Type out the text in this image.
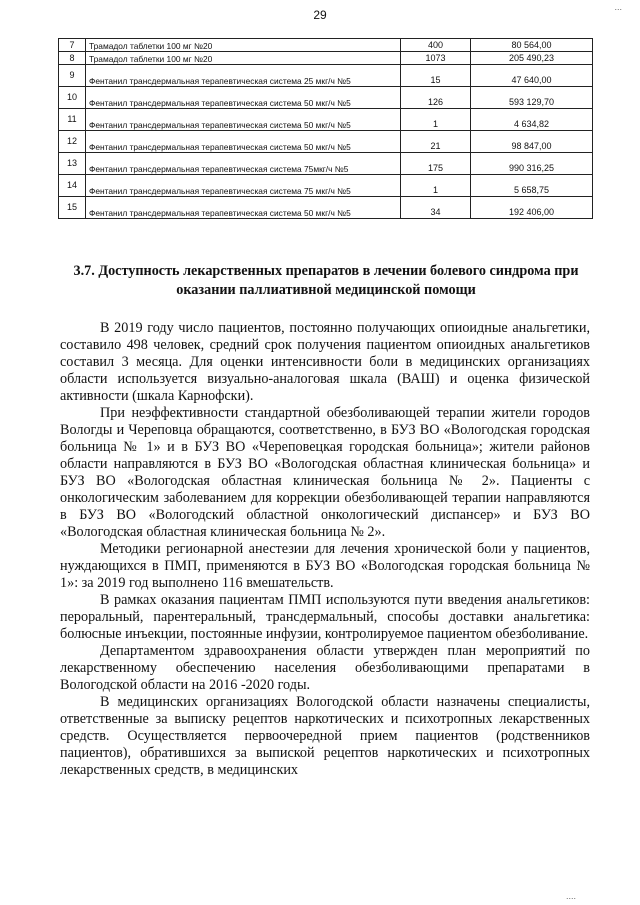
...
29
7	Трамадол таблетки 100 мг №20	400	80 564,00
8	Трамадол таблетки 100 мг №20	1073	205 490,23
9	Фентанил трансдермальная терапевтическая система 25 мкг/ч №5	15	47 640,00
10	Фентанил трансдермальная терапевтическая система 50 мкг/ч №5	126	593 129,70
11	Фентанил трансдермальная терапевтическая система 50 мкг/ч №5	1	4 634,82
12	Фентанил трансдермальная терапевтическая система 50 мкг/ч №5	21	98 847,00
13	Фентанил трансдермальная терапевтическая система 75мкг/ч №5	175	990 316,25
14	Фентанил трансдермальная терапевтическая система 75 мкг/ч №5	1	5 658,75
15	Фентанил трансдермальная терапевтическая система 50 мкг/ч №5	34	192 406,00
3.7. Доступность лекарственных препаратов в лечении болевого синдрома при оказании паллиативной медицинской помощи

В 2019 году число пациентов, постоянно получающих опиоидные анальгетики, составило 498 человек, средний срок получения пациентом опиоидных анальгетиков составил 3 месяца. Для оценки интенсивности боли в медицинских организациях области используется визуально-аналоговая шкала (ВАШ) и оценка физической активности (шкала Карнофски).

При неэффективности стандартной обезболивающей терапии жители городов Вологды и Череповца обращаются, соответственно, в БУЗ ВО «Вологодская городская больница № 1» и в БУЗ ВО «Череповецкая городская больница»; жители районов области направляются в БУЗ ВО «Вологодская областная клиническая больница» и БУЗ ВО «Вологодская областная клиническая больница № 2». Пациенты с онкологическим заболеванием для коррекции обезболивающей терапии направляются в БУЗ ВО «Вологодский областной онкологический диспансер» и БУЗ ВО «Вологодская областная клиническая больница № 2».

Методики регионарной анестезии для лечения хронической боли у пациентов, нуждающихся в ПМП, применяются в БУЗ ВО «Вологодская городская больница № 1»: за 2019 год выполнено 116 вмешательств.

В рамках оказания пациентам ПМП используются пути введения анальгетиков: пероральный, парентеральный, трансдермальный, способы доставки анальгетика: болюсные инъекции, постоянные инфузии, контролируемое пациентом обезболивание.

Департаментом здравоохранения области утвержден план мероприятий по лекарственному обеспечению населения обезболивающими препаратами в Вологодской области на 2016 -2020 годы.

В медицинских организациях Вологодской области назначены специалисты, ответственные за выписку рецептов наркотических и психотропных лекарственных средств. Осуществляется первоочередной прием пациентов (родственников пациентов), обратившихся за выпиской рецептов наркотических и психотропных лекарственных средств, в медицинских

....
